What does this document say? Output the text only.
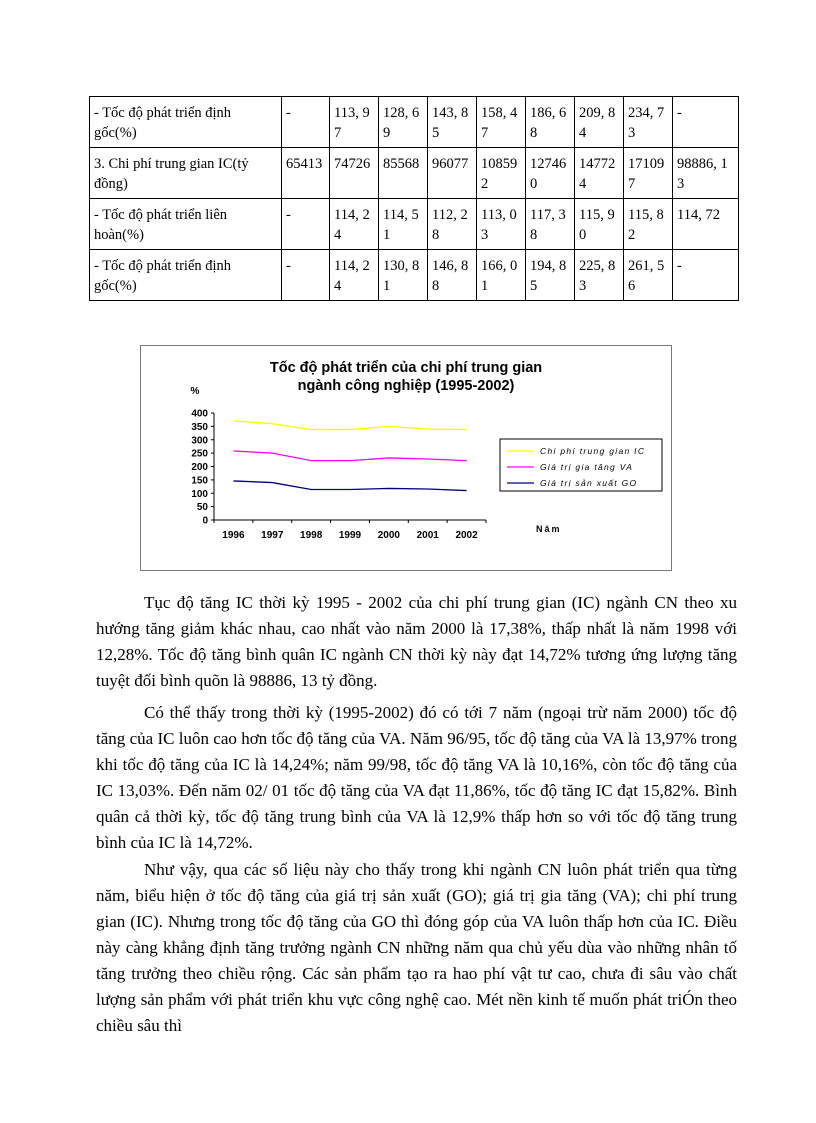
- Tốc độ phát triển định gốc(%)	-	113, 97	128, 69	143, 85	158, 47	186, 68	209, 84	234, 73	-
3. Chi phí trung gian IC(tỷ đồng)	65413	74726	85568	96077	108592	127460	147724	171097	98886, 13
- Tốc độ phát triển liên hoàn(%)	-	114, 24	114, 51	112, 28	113, 03	117, 38	115, 90	115, 82	114, 72
- Tốc độ phát triển định gốc(%)	-	114, 24	130, 81	146, 88	166, 01	194, 85	225, 83	261, 56	-
Tốc độ phát triển của chi phí trung gian
ngành công nghiệp (1995-2002)
%
Năm
0
50
100
150
200
250
300
350
400
1996 1997 1998 1999 2000 2001 2002
Chi phí trung gian IC
Giá trị gia tăng VA
Giá trị sản xuất GO

Tục độ tăng IC thời kỳ 1995 - 2002 của chi phí trung gian (IC) ngành CN theo xu hướng tăng giảm khác nhau, cao nhất vào năm 2000 là 17,38%, thấp nhất là năm 1998 với 12,28%. Tốc độ tăng bình quân IC ngành CN thời kỳ này đạt 14,72% tương ứng lượng tăng tuyệt đối bình quõn là 98886, 13 tỷ đồng.

Có thể thấy trong thời kỳ (1995-2002) đó có tới 7 năm (ngoại trừ năm 2000) tốc độ tăng của IC luôn cao hơn tốc độ tăng của VA. Năm 96/95, tốc độ tăng của VA là 13,97% trong khi tốc độ tăng của IC là 14,24%; năm 99/98, tốc độ tăng VA là 10,16%, còn tốc độ tăng của IC 13,03%. Đến năm 02/ 01 tốc độ tăng của VA đạt 11,86%, tốc độ tăng IC đạt 15,82%. Bình quân cả thời kỳ, tốc độ tăng trung bình của VA là 12,9% thấp hơn so với tốc độ tăng trung bình của IC là 14,72%.

Như vậy, qua các số liệu này cho thấy trong khi ngành CN luôn phát triển qua từng năm, biểu hiện ở tốc độ tăng của giá trị sản xuất (GO); giá trị gia tăng (VA); chi phí trung gian (IC). Nhưng trong tốc độ tăng của GO thì đóng góp của VA luôn thấp hơn của IC. Điều này càng khẳng định tăng trưởng ngành CN những năm qua chủ yếu dùa vào những nhân tố tăng trưởng theo chiều rộng. Các sản phẩm tạo ra hao phí vật tư cao, chưa đi sâu vào chất lượng sản phẩm với phát triển khu vực công nghệ cao. Mét nền kinh tế muốn phát triÓn theo chiều sâu thì
